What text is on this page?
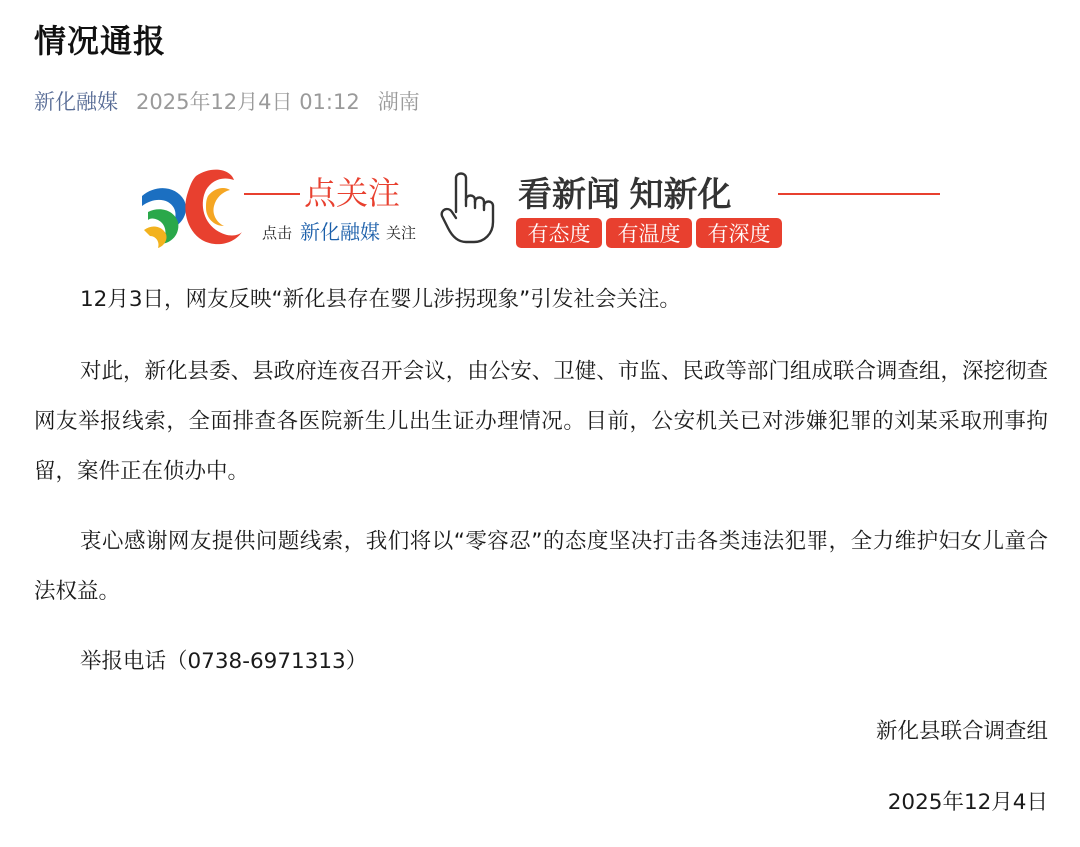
情况通报
新化融媒 2025年12月4日 01:12 湖南
点关注
点击 新化融媒 关注
看新闻 知新化
有态度 有温度 有深度

12月3日，网友反映“新化县存在婴儿涉拐现象”引发社会关注。

对此，新化县委、县政府连夜召开会议，由公安、卫健、市监、民政等部门组成联合调查组，深挖彻查网友举报线索，全面排查各医院新生儿出生证办理情况。目前，公安机关已对涉嫌犯罪的刘某采取刑事拘留，案件正在侦办中。

衷心感谢网友提供问题线索，我们将以“零容忍”的态度坚决打击各类违法犯罪，全力维护妇女儿童合法权益。

举报电话（0738-6971313）

新化县联合调查组
2025年12月4日
